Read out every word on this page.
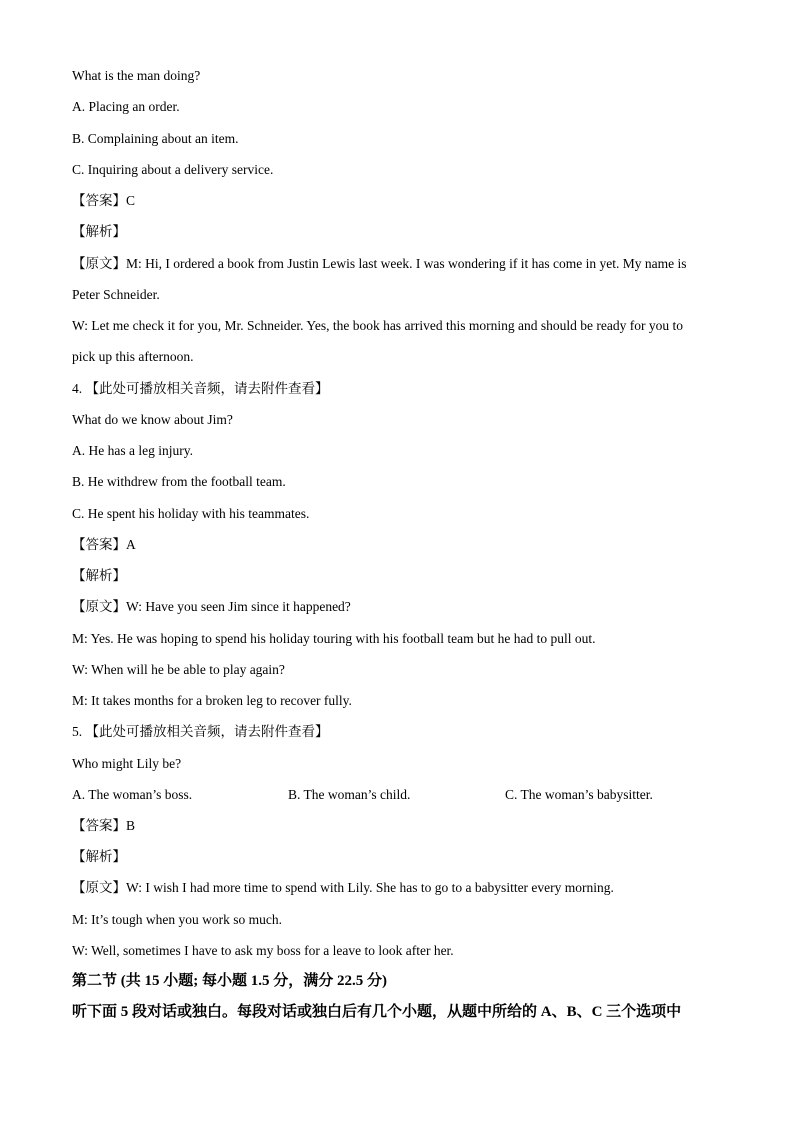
What is the man doing?
A. Placing an order.
B. Complaining about an item.
C. Inquiring about a delivery service.
【答案】C
【解析】
【原文】M: Hi, I ordered a book from Justin Lewis last week. I was wondering if it has come in yet. My name is
Peter Schneider.
W: Let me check it for you, Mr. Schneider. Yes, the book has arrived this morning and should be ready for you to
pick up this afternoon.
4. 【此处可播放相关音频，请去附件查看】
What do we know about Jim?
A. He has a leg injury.
B. He withdrew from the football team.
C. He spent his holiday with his teammates.
【答案】A
【解析】
【原文】W: Have you seen Jim since it happened?
M: Yes. He was hoping to spend his holiday touring with his football team but he had to pull out.
W: When will he be able to play again?
M: It takes months for a broken leg to recover fully.
5. 【此处可播放相关音频，请去附件查看】
Who might Lily be?
A. The woman’s boss.	B. The woman’s child.	C. The woman’s babysitter.
【答案】B
【解析】
【原文】W: I wish I had more time to spend with Lily. She has to go to a babysitter every morning.
M: It’s tough when you work so much.
W: Well, sometimes I have to ask my boss for a leave to look after her.
第二节 (共 15 小题; 每小题 1.5 分，满分 22.5 分)
听下面 5 段对话或独白。每段对话或独白后有几个小题，从题中所给的 A、B、C 三个选项中
